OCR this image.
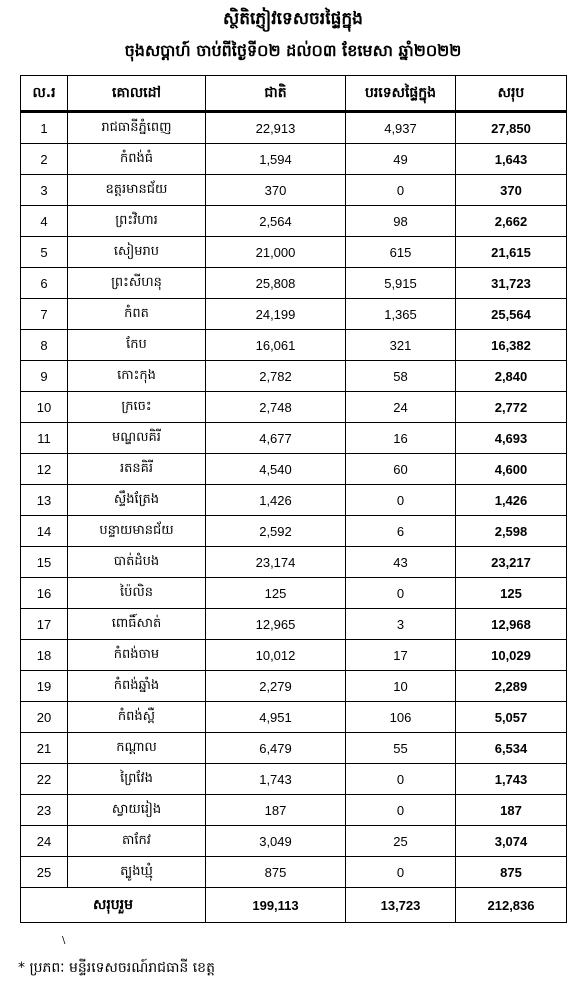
ស្ថិតិភ្ញៀវទេសចរផ្ទៃក្នុង
ចុងសប្តាហ៍ ចាប់ពីថ្ងៃទី០២ ដល់០៣ ខែមេសា ឆ្នាំ២០២២
ល.រ	គោលដៅ	ជាតិ	បរទេសផ្ទៃក្នុង	សរុប
1	រាជធានីភ្នំពេញ	22,913	4,937	27,850
2	កំពង់ធំ	1,594	49	1,643
3	ឧត្តរមានជ័យ	370	0	370
4	ព្រះវិហារ	2,564	98	2,662
5	សៀមរាប	21,000	615	21,615
6	ព្រះសីហនុ	25,808	5,915	31,723
7	កំពត	24,199	1,365	25,564
8	កែប	16,061	321	16,382
9	កោះកុង	2,782	58	2,840
10	ក្រចេះ	2,748	24	2,772
11	មណ្ឌលគិរី	4,677	16	4,693
12	រតនគិរី	4,540	60	4,600
13	ស្ទឹងត្រែង	1,426	0	1,426
14	បន្ទាយមានជ័យ	2,592	6	2,598
15	បាត់ដំបង	23,174	43	23,217
16	ប៉ៃលិន	125	0	125
17	ពោធិ៍សាត់	12,965	3	12,968
18	កំពង់ចាម	10,012	17	10,029
19	កំពង់ឆ្នាំង	2,279	10	2,289
20	កំពង់ស្ពឺ	4,951	106	5,057
21	កណ្តាល	6,479	55	6,534
22	ព្រៃវែង	1,743	0	1,743
23	ស្វាយរៀង	187	0	187
24	តាកែវ	3,049	25	3,074
25	ត្បូងឃ្មុំ	875	0	875
សរុបរួម		199,113	13,723	212,836
\
* ប្រភពៈ មន្ទីរទេសចរណ៍រាជធានី ខេត្ត
